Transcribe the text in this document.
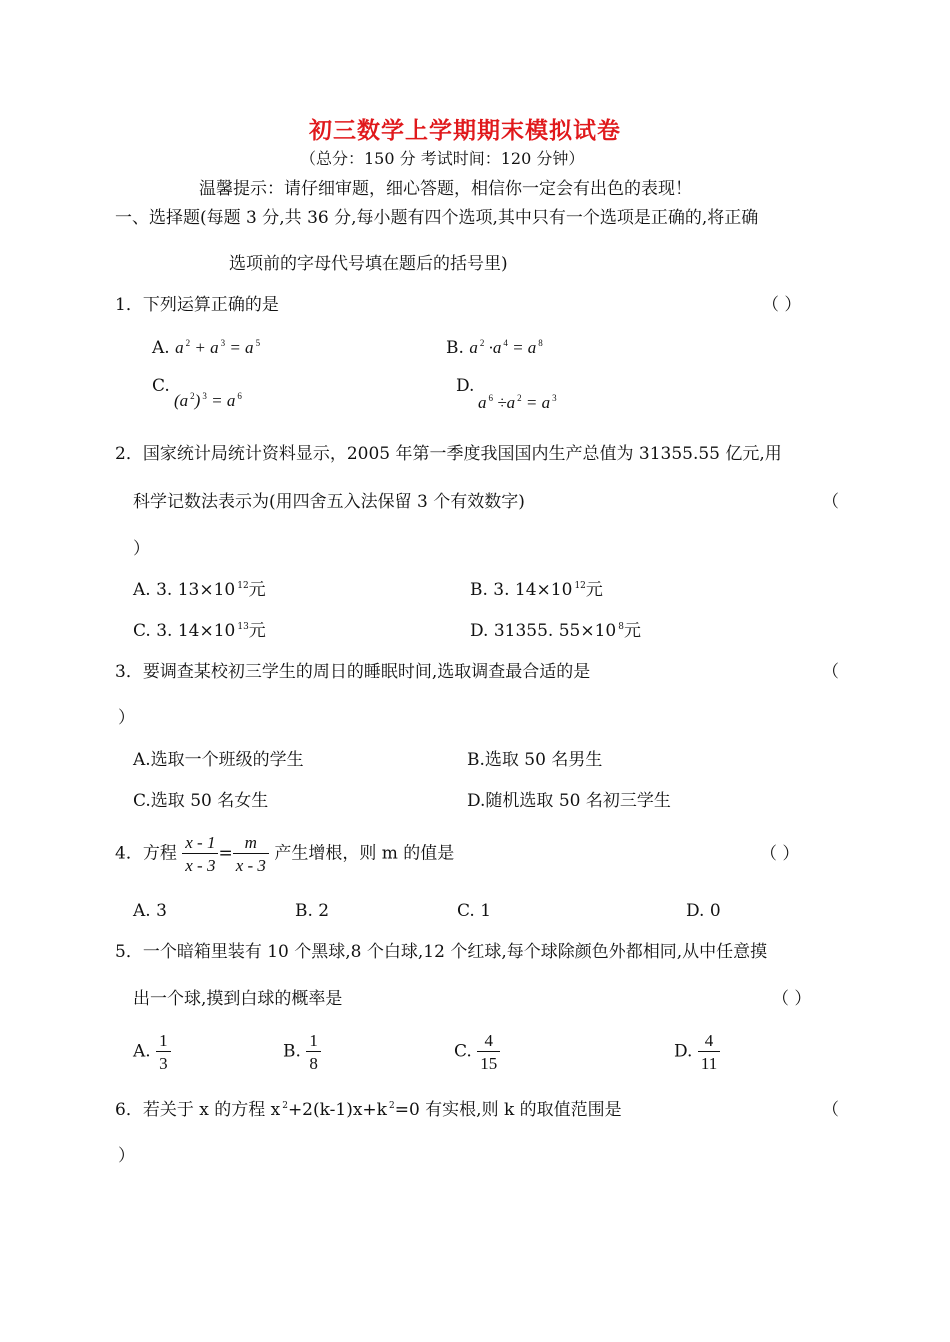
初三数学上学期期末模拟试卷
（总分：150 分 考试时间：120 分钟）
温馨提示：请仔细审题，细心答题，相信你一定会有出色的表现！
一、选择题(每题 3 分,共 36 分,每小题有四个选项,其中只有一个选项是正确的,将正确
选项前的字母代号填在题后的括号里)
1．下列运算正确的是	（ ）
A. a $^2$ + a $^3$ = a $^5$	B. a $^2$ ·a $^4$ = a $^8$
C.
(a $^2$) $^3$ = a $^6$	D.
a $^6$ ÷a $^2$ = a $^3$
2．国家统计局统计资料显示，2005 年第一季度我国国内生产总值为 31355.55 亿元,用
科学记数法表示为(用四舍五入法保留 3 个有效数字)	（
）
A. 3. 13×10 $^{12}$元	B. 3. 14×10 $^{12}$元
C. 3. 14×10 $^{13}$元	D. 31355. 55×10 $^8$元
3．要调查某校初三学生的周日的睡眠时间,选取调查最合适的是	（
）
A.选取一个班级的学生	B.选取 50 名男生
C.选取 50 名女生	D.随机选取 50 名初三学生
4．方程 $\frac{x - 1}{x - 3} = \frac{m}{x - 3}$ 产生增根，则 m 的值是	（ ）
A. 3	B. 2	C. 1	D. 0
5．一个暗箱里装有 10 个黑球,8 个白球,12 个红球,每个球除颜色外都相同,从中任意摸
出一个球,摸到白球的概率是	（ ）
A. $\frac{1}{3}$	B. $\frac{1}{8}$	C. $\frac{4}{15}$	D. $\frac{4}{11}$
6．若关于 x 的方程 x $^2$+2(k-1)x+k $^2$=0 有实根,则 k 的取值范围是	（
）
